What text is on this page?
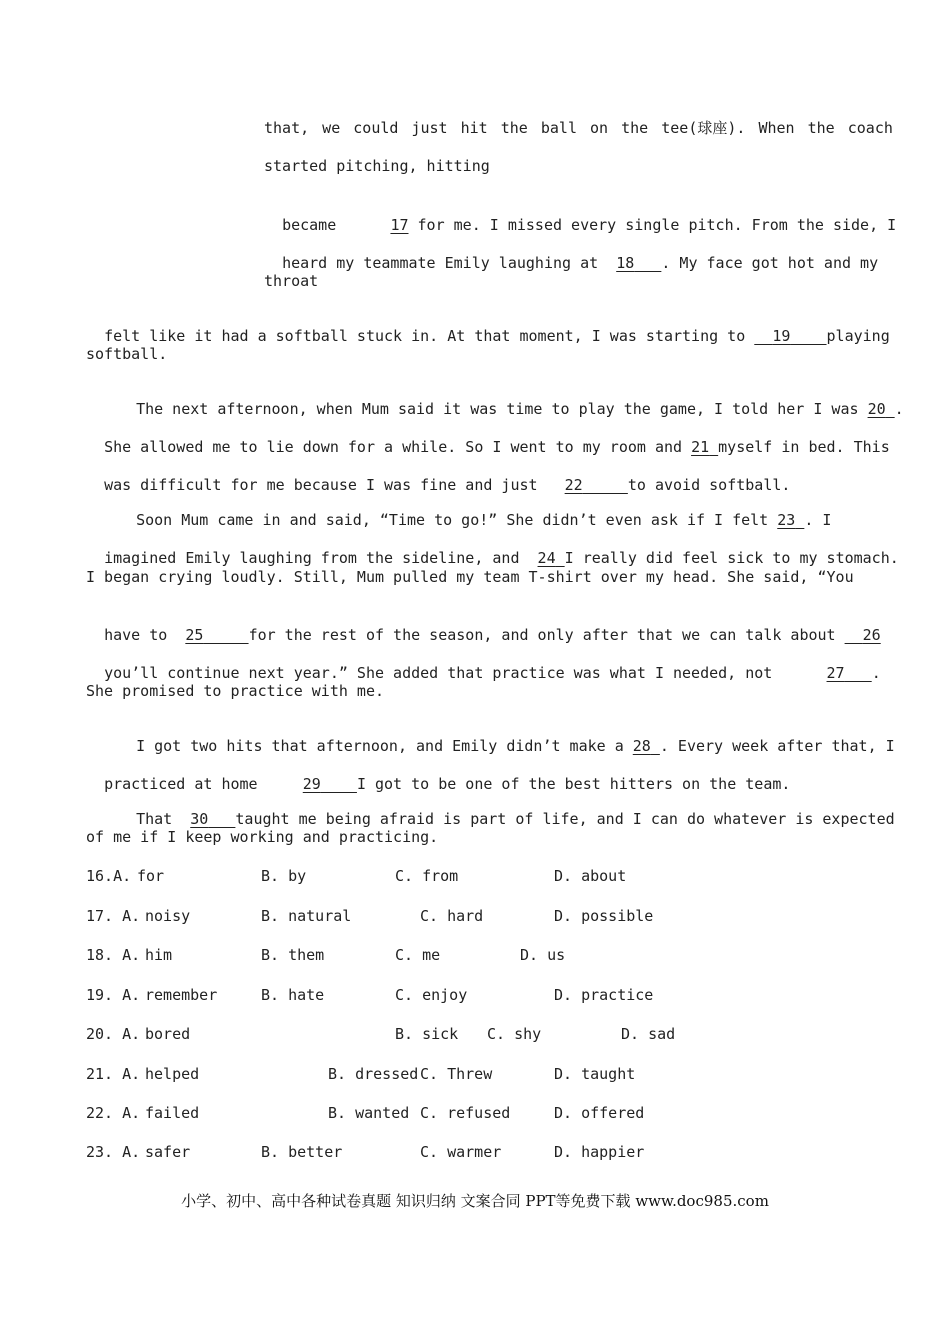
that, we could just hit the ball on the tee(球座). When the coach
started pitching, hitting

became	17 for me. I missed every single pitch. From the side, I

heard my teammate Emily laughing at 18 . My face got hot and my

throat

felt like it had a softball stuck in. At that moment, I was starting to 19 playing

softball.

The next afternoon, when Mum said it was time to play the game, I told her I was 20 .

She allowed me to lie down for a while. So I went to my room and 21 myself in bed. This

was difficult for me because I was fine and just 22	to avoid softball.

Soon Mum came in and said, “Time to go!” She didn’t even ask if I felt 23 . I

imagined Emily laughing from the sideline, and 24 I really did feel sick to my stomach.

I began crying loudly. Still, Mum pulled my team T-shirt over my head. She said, “You

have to 25	for the rest of the season, and only after that we can talk about 26

you’ll continue next year.” She added that practice was what I needed, not	27 .

She promised to practice with me.

I got two hits that afternoon, and Emily didn’t make a 28 . Every week after that, I

practiced at home	29 I got to be one of the best hitters on the team.

That 30 taught me being afraid is part of life, and I can do whatever is expected

of me if I keep working and practicing.
16.A. for	B. by	C. from	D. about
17. A. noisy	B. natural	C. hard	D. possible
18. A. him	B. them	C. me	D. us
19. A. remember	B. hate	C. enjoy	D. practice
20. A. bored	B. sick C. shy	D. sad
21. A. helped	B. dressed C. Threw	D. taught
22. A. failed	B. wanted C. refused	D. offered
23. A. safer	B. better	C. warmer	D. happier
小学、初中、高中各种试卷真题 知识归纳 文案合同 PPT等免费下载 www.doc985.com
